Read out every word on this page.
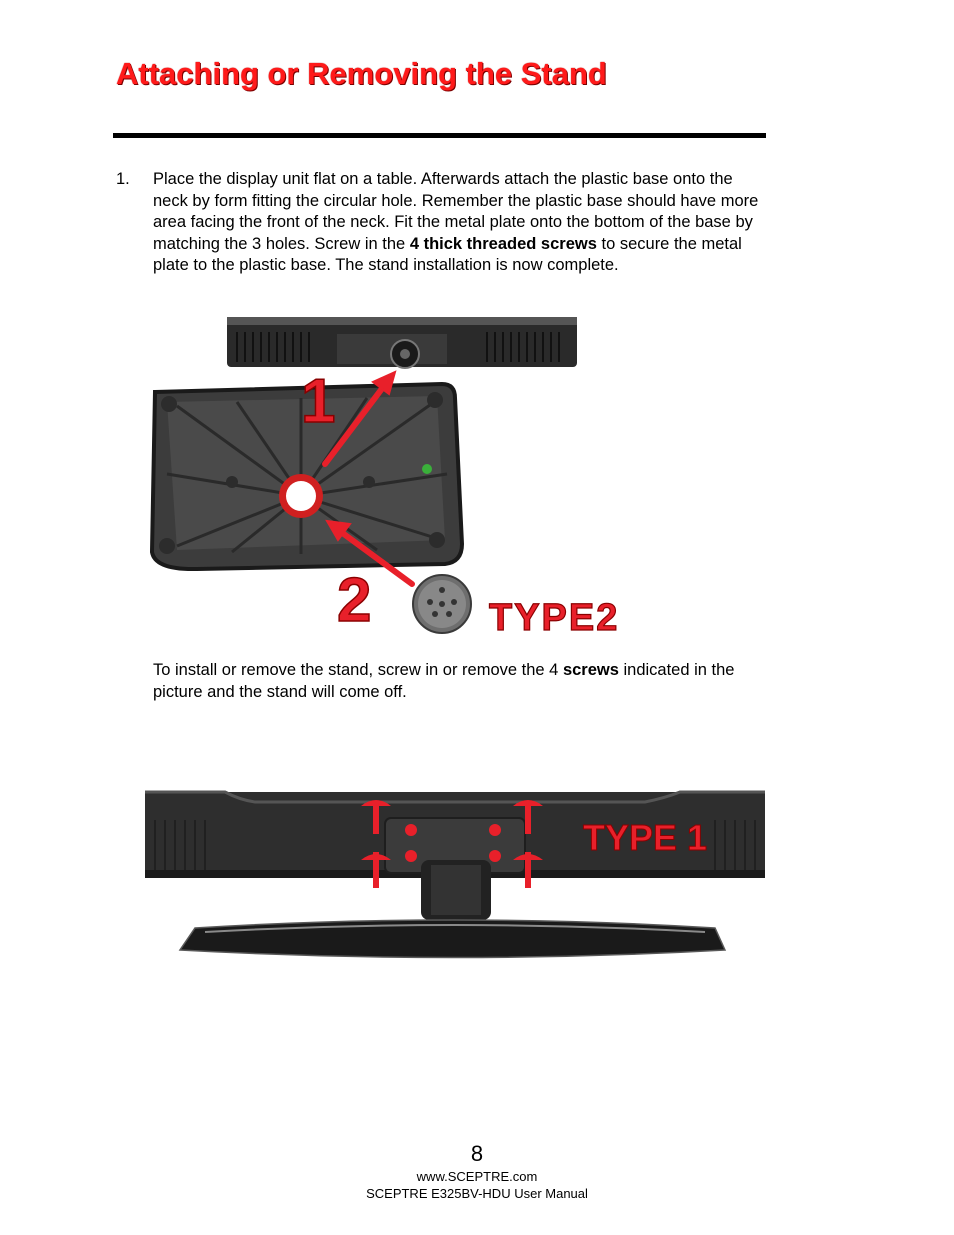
Attaching or Removing the Stand
1. Place the display unit flat on a table. Afterwards attach the plastic base onto the neck by form fitting the circular hole. Remember the plastic base should have more area facing the front of the neck. Fit the metal plate onto the bottom of the base by matching the 3 holes. Screw in the 4 thick threaded screws to secure the metal plate to the plastic base. The stand installation is now complete.
1
2	TYPE2
To install or remove the stand, screw in or remove the 4 screws indicated in the picture and the stand will come off.
TYPE 1
8
www.SCEPTRE.com
SCEPTRE E325BV-HDU User Manual
